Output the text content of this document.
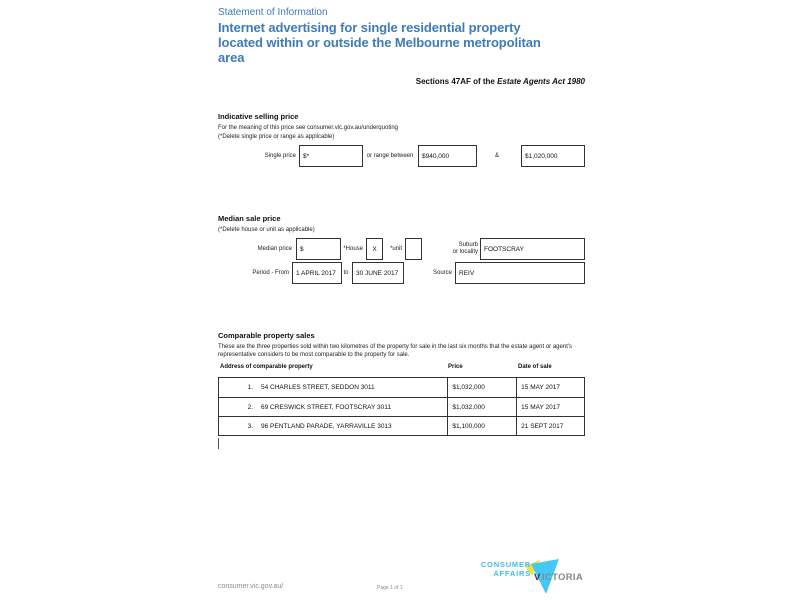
Statement of Information
Internet advertising for single residential property
located within or outside the Melbourne metropolitan
area
Sections 47AF of the Estate Agents Act 1980
Indicative selling price
For the meaning of this price see consumer.vic.gov.au/underquoting
(*Delete single price or range as applicable)
Single price	$*	or range between	$940,000	&	$1,020,000
Median sale price
(*Delete house or unit as applicable)
Median price	$	*House	X	*unit
Suburb
or locality FOOTSCRAY
Period - From	1 APRIL 2017	to	30 JUNE 2017	Source	REIV
Comparable property sales
These are the three properties sold within two kilometres of the property for sale in the last six months that the estate agent or agent's representative considers to be most comparable to the property for sale.
Address of comparable property	Price	Date of sale
1. 54 CHARLES STREET, SEDDON 3011	$1,032,000	15 MAY 2017
2. 69 CRESWICK STREET, FOOTSCRAY 3011	$1,032,000	15 MAY 2017
3. 96 PENTLAND PARADE, YARRAVILLE 3013	$1,100,000	21 SEPT 2017
consumer.vic.gov.au/	Page 1 of 1
CONSUMER
AFFAIRS V ICTORIA
